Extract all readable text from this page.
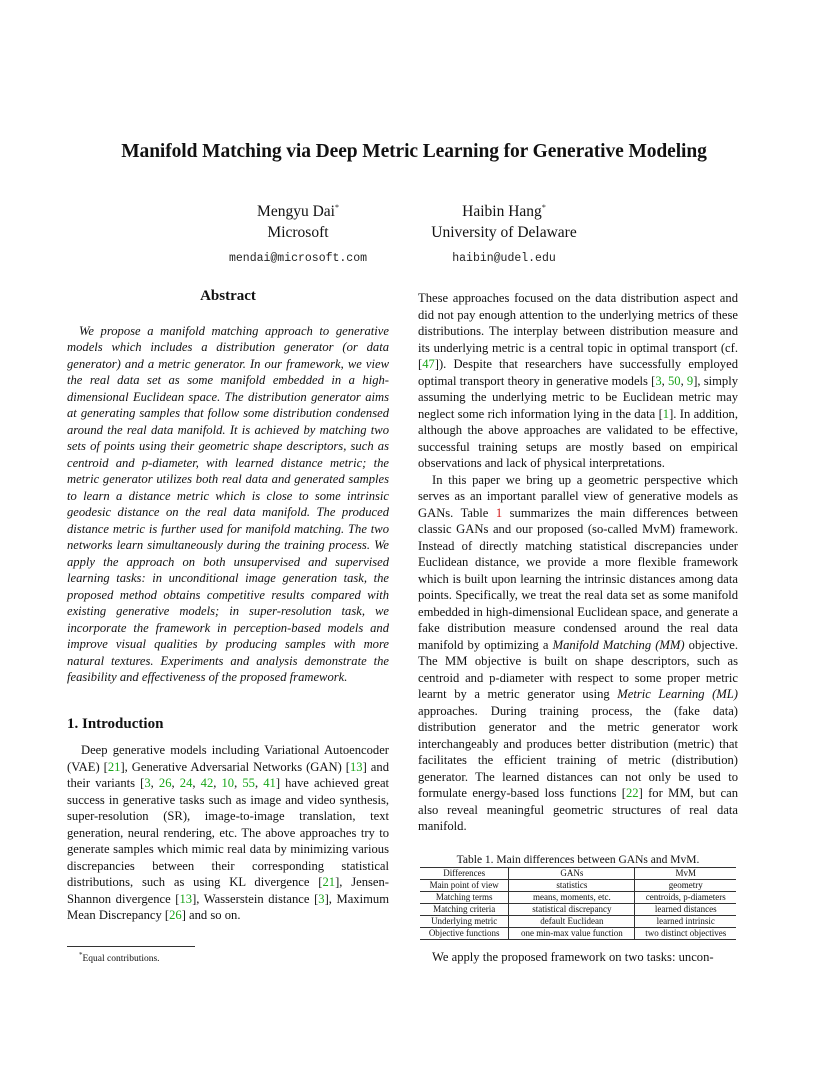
Manifold Matching via Deep Metric Learning for Generative Modeling
Mengyu Dai*
Microsoft
mendai@microsoft.com
Haibin Hang*
University of Delaware
haibin@udel.edu
Abstract

We propose a manifold matching approach to generative models which includes a distribution generator (or data generator) and a metric generator. In our framework, we view the real data set as some manifold embedded in a high-dimensional Euclidean space. The distribution generator aims at generating samples that follow some distribution condensed around the real data manifold. It is achieved by matching two sets of points using their geometric shape descriptors, such as centroid and p-diameter, with learned distance metric; the metric generator utilizes both real data and generated samples to learn a distance metric which is close to some intrinsic geodesic distance on the real data manifold. The produced distance metric is further used for manifold matching. The two networks learn simultaneously during the training process. We apply the approach on both unsupervised and supervised learning tasks: in unconditional image generation task, the proposed method obtains competitive results compared with existing generative models; in super-resolution task, we incorporate the framework in perception-based models and improve visual qualities by producing samples with more natural textures. Experiments and analysis demonstrate the feasibility and effectiveness of the proposed framework.

1. Introduction

Deep generative models including Variational Autoencoder (VAE) [21], Generative Adversarial Networks (GAN) [13] and their variants [3, 26, 24, 42, 10, 55, 41] have achieved great success in generative tasks such as image and video synthesis, super-resolution (SR), image-to-image translation, text generation, neural rendering, etc. The above approaches try to generate samples which mimic real data by minimizing various discrepancies between their corresponding statistical distributions, such as using KL divergence [21], Jensen-Shannon divergence [13], Wasserstein distance [3], Maximum Mean Discrepancy [26] and so on.

These approaches focused on the data distribution aspect and did not pay enough attention to the underlying metrics of these distributions. The interplay between distribution measure and its underlying metric is a central topic in optimal transport (cf. [47]). Despite that researchers have successfully employed optimal transport theory in generative models [3, 50, 9], simply assuming the underlying metric to be Euclidean metric may neglect some rich information lying in the data [1]. In addition, although the above approaches are validated to be effective, successful training setups are mostly based on empirical observations and lack of physical interpretations.

In this paper we bring up a geometric perspective which serves as an important parallel view of generative models as GANs. Table 1 summarizes the main differences between classic GANs and our proposed (so-called MvM) framework. Instead of directly matching statistical discrepancies under Euclidean distance, we provide a more flexible framework which is built upon learning the intrinsic distances among data points. Specifically, we treat the real data set as some manifold embedded in high-dimensional Euclidean space, and generate a fake distribution measure condensed around the real data manifold by optimizing a Manifold Matching (MM) objective. The MM objective is built on shape descriptors, such as centroid and p-diameter with respect to some proper metric learnt by a metric generator using Metric Learning (ML) approaches. During training process, the (fake data) distribution generator and the metric generator work interchangeably and produces better distribution (metric) that facilitates the efficient training of metric (distribution) generator. The learned distances can not only be used to formulate energy-based loss functions [22] for MM, but can also reveal meaningful geometric structures of real data manifold.

Table 1. Main differences between GANs and MvM.
Differences	GANs	MvM
Main point of view	statistics	geometry
Matching terms	means, moments, etc.	centroids, p-diameters
Matching criteria	statistical discrepancy	learned distances
Underlying metric	default Euclidean	learned intrinsic
Objective functions	one min-max value function	two distinct objectives
We apply the proposed framework on two tasks: uncon-
*Equal contributions.
